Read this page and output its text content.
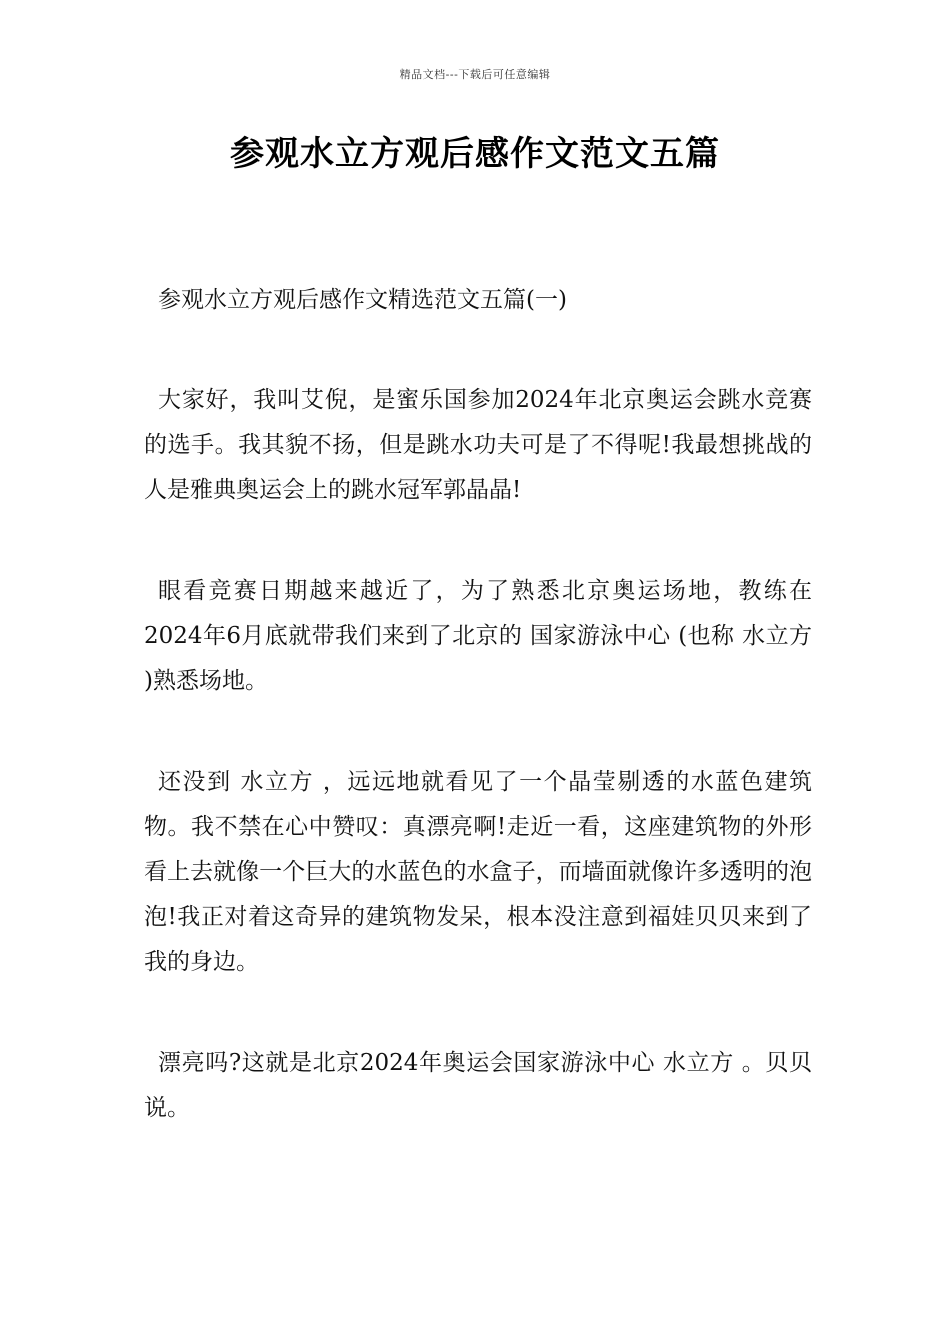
精品文档---下载后可任意编辑
参观水立方观后感作文范文五篇

参观水立方观后感作文精选范文五篇(一)

大家好，我叫艾倪，是蜜乐国参加2024年北京奥运会跳水竞赛的选手。我其貌不扬，但是跳水功夫可是了不得呢!我最想挑战的人是雅典奥运会上的跳水冠军郭晶晶!

眼看竞赛日期越来越近了，为了熟悉北京奥运场地，教练在2024年6月底就带我们来到了北京的 国家游泳中心 (也称 水立方 )熟悉场地。

还没到 水立方 ，远远地就看见了一个晶莹剔透的水蓝色建筑物。我不禁在心中赞叹：真漂亮啊!走近一看，这座建筑物的外形看上去就像一个巨大的水蓝色的水盒子，而墙面就像许多透明的泡泡!我正对着这奇异的建筑物发呆，根本没注意到福娃贝贝来到了我的身边。

漂亮吗?这就是北京2024年奥运会国家游泳中心 水立方 。贝贝说。
